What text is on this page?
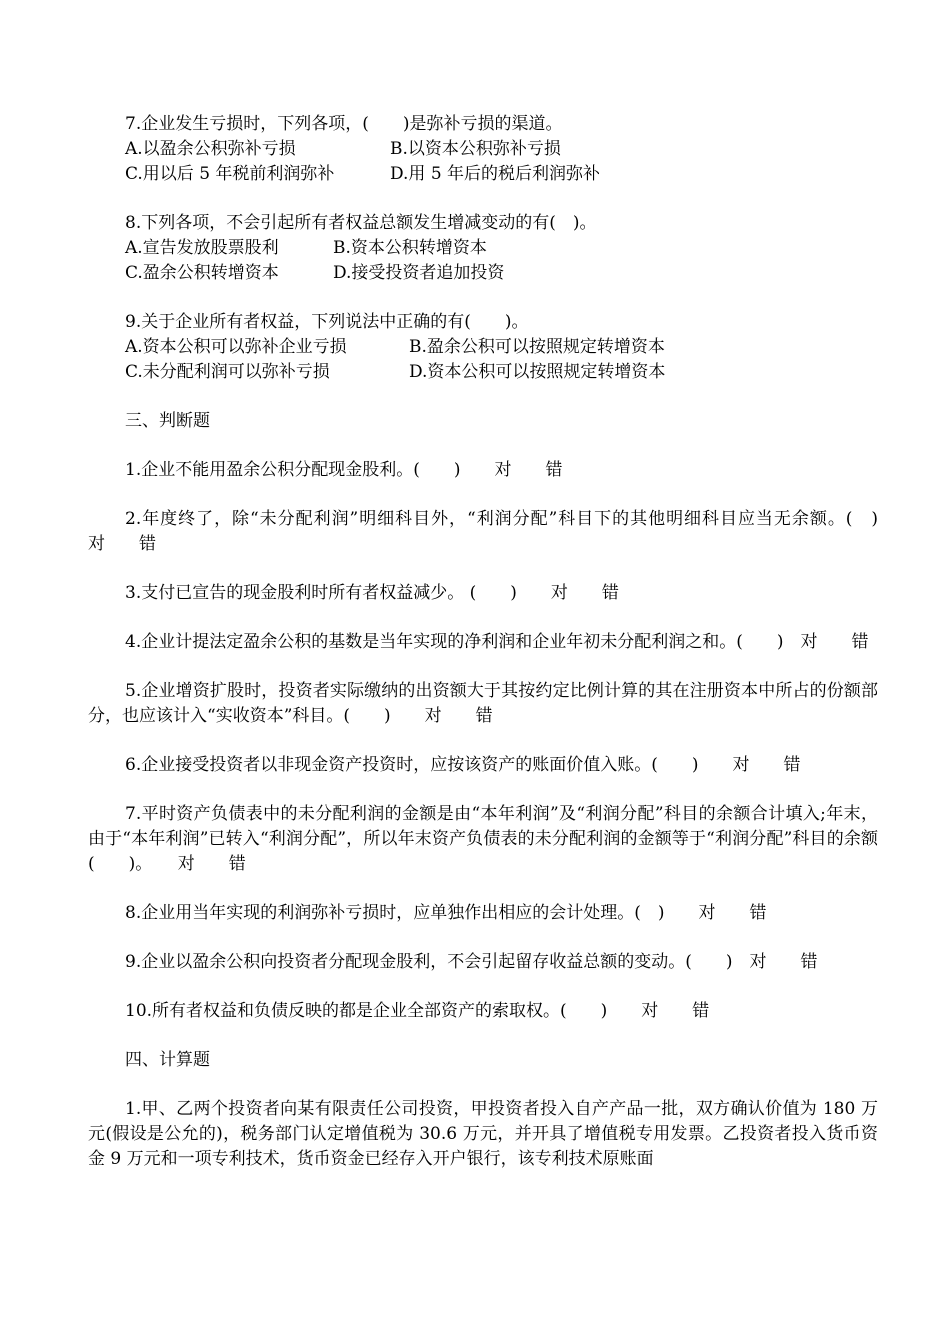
7.企业发生亏损时，下列各项，(　　)是弥补亏损的渠道。
A.以盈余公积弥补亏损	B.以资本公积弥补亏损
C.用以后 5 年税前利润弥补	D.用 5 年后的税后利润弥补
8.下列各项，不会引起所有者权益总额发生增减变动的有(　)。
A.宣告发放股票股利	B.资本公积转增资本
C.盈余公积转增资本	D.接受投资者追加投资
9.关于企业所有者权益，下列说法中正确的有(　　)。
A.资本公积可以弥补企业亏损	B.盈余公积可以按照规定转增资本
C.未分配利润可以弥补亏损	D.资本公积可以按照规定转增资本
三、判断题
1.企业不能用盈余公积分配现金股利。(　　)　　对　　错
2.年度终了，除“未分配利润”明细科目外，“利润分配”科目下的其他明细科目应当无余额。(　)　　对　　错
3.支付已宣告的现金股利时所有者权益减少。 (　　)　　对　　错
4.企业计提法定盈余公积的基数是当年实现的净利润和企业年初未分配利润之和。(　　)　对　　错
5.企业增资扩股时，投资者实际缴纳的出资额大于其按约定比例计算的其在注册资本中所占的份额部分，也应该计入“实收资本”科目。(　　)　　对　　错
6.企业接受投资者以非现金资产投资时，应按该资产的账面价值入账。(　　)　　对　　错
7.平时资产负债表中的未分配利润的金额是由“本年利润”及“利润分配”科目的余额合计填入;年末，由于“本年利润”已转入“利润分配”，所以年末资产负债表的未分配利润的金额等于“利润分配”科目的余额(　　)。　　对　　错
8.企业用当年实现的利润弥补亏损时，应单独作出相应的会计处理。(　)　　对　　错
9.企业以盈余公积向投资者分配现金股利，不会引起留存收益总额的变动。(　　)　对　　错
10.所有者权益和负债反映的都是企业全部资产的索取权。(　　)　　对　　错
四、计算题
1.甲、乙两个投资者向某有限责任公司投资，甲投资者投入自产产品一批，双方确认价值为 180 万元(假设是公允的)，税务部门认定增值税为 30.6 万元，并开具了增值税专用发票。乙投资者投入货币资金 9 万元和一项专利技术，货币资金已经存入开户银行，该专利技术原账面
